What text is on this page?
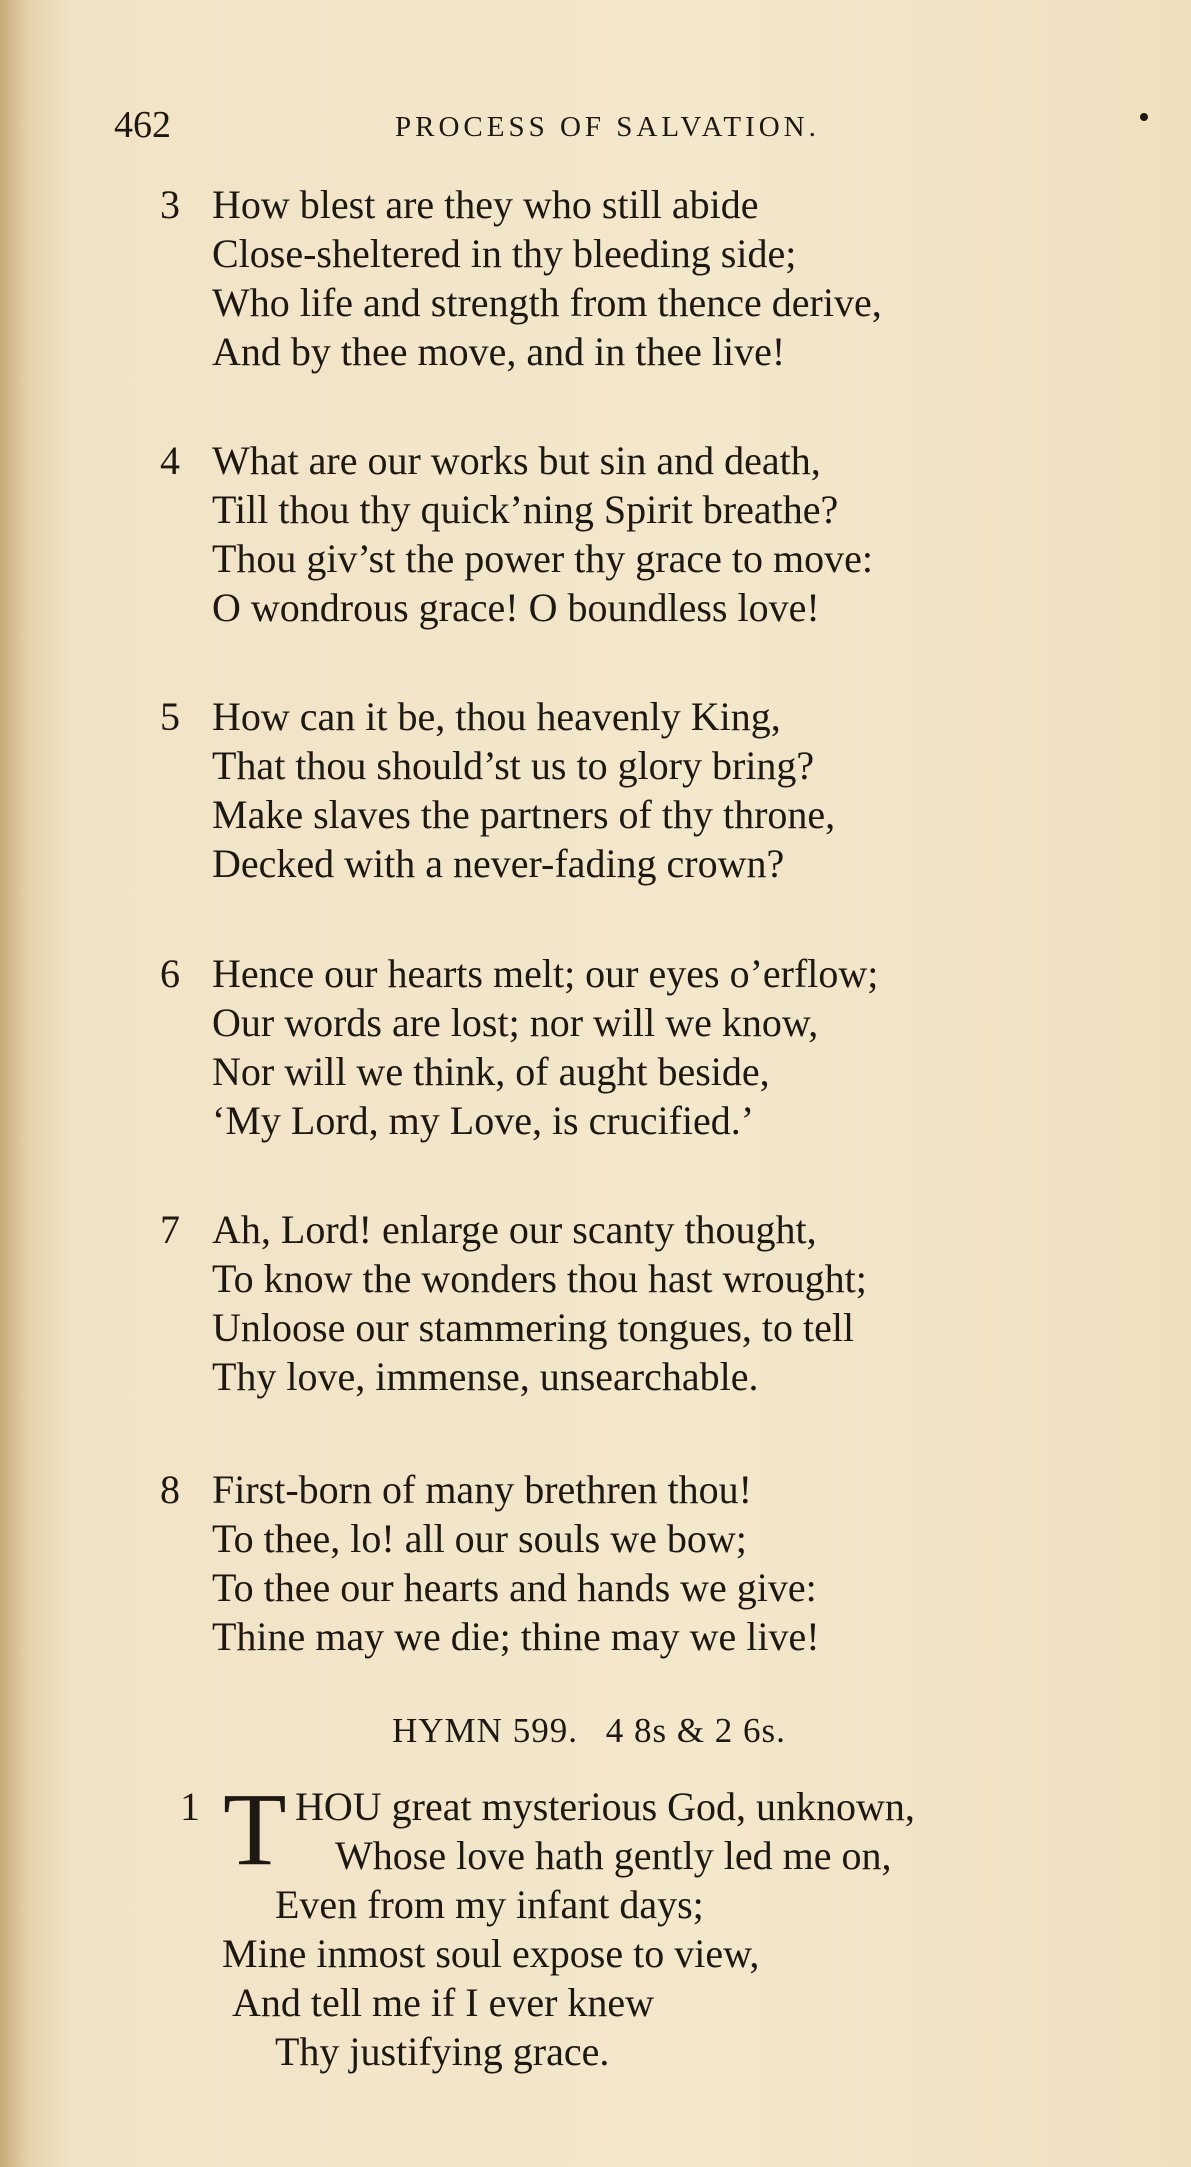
462	PROCESS OF SALVATION.
3 How blest are they who still abide
Close-sheltered in thy bleeding side;
Who life and strength from thence derive,
And by thee move, and in thee live!
4 What are our works but sin and death,
Till thou thy quick’ning Spirit breathe?
Thou giv’st the power thy grace to move:
O wondrous grace! O boundless love!
5 How can it be, thou heavenly King,
That thou should’st us to glory bring?
Make slaves the partners of thy throne,
Decked with a never-fading crown?
6 Hence our hearts melt; our eyes o’erflow;
Our words are lost; nor will we know,
Nor will we think, of aught beside,
‘My Lord, my Love, is crucified.’
7 Ah, Lord! enlarge our scanty thought,
To know the wonders thou hast wrought;
Unloose our stammering tongues, to tell
Thy love, immense, unsearchable.
8 First-born of many brethren thou!
To thee, lo! all our souls we bow;
To thee our hearts and hands we give:
Thine may we die; thine may we live!
HYMN 599. 4 8s & 2 6s.
1 T HOU great mysterious God, unknown,
Whose love hath gently led me on,
Even from my infant days;
Mine inmost soul expose to view,
And tell me if I ever knew
Thy justifying grace.
